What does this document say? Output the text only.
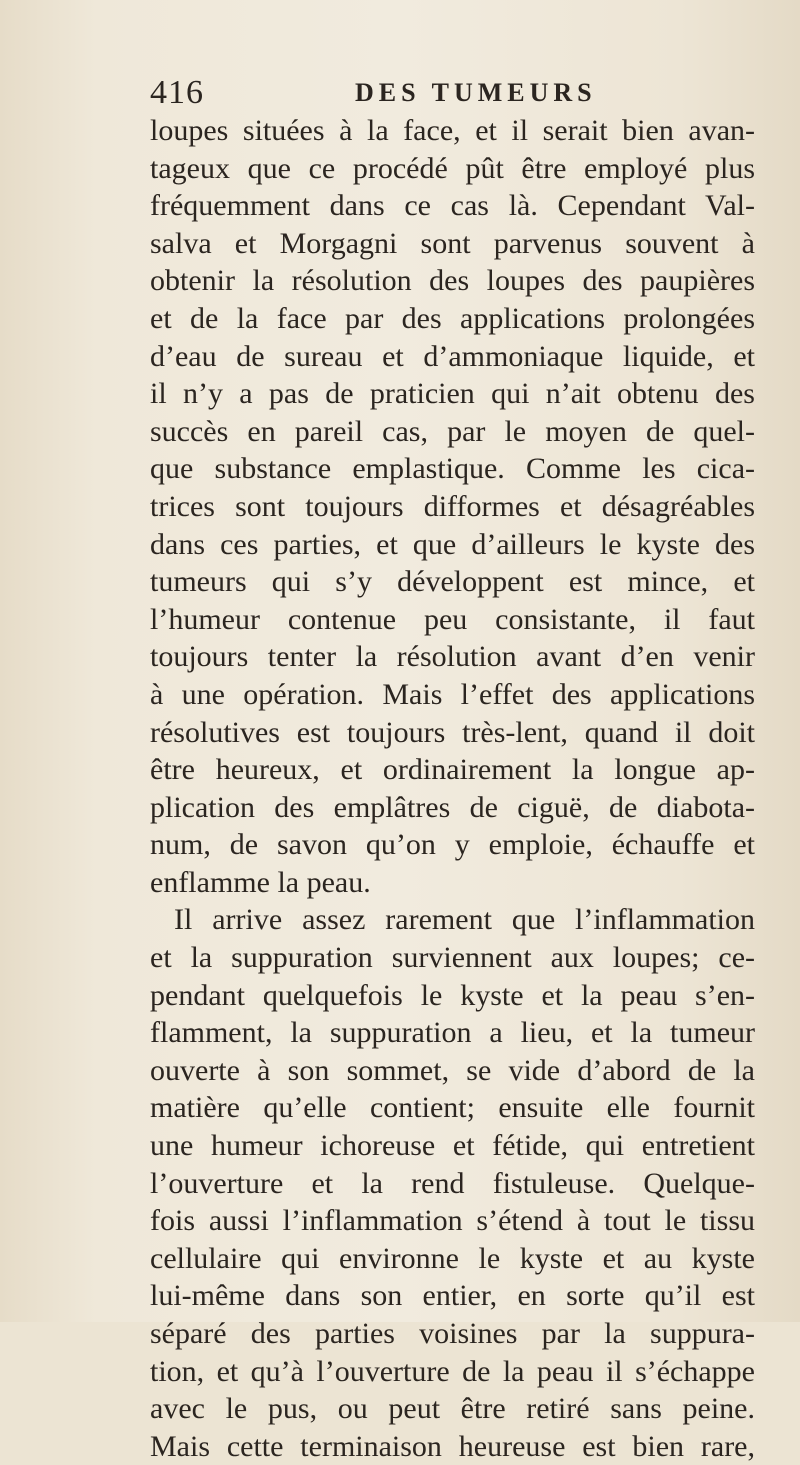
416	DES TUMEURS
loupes situées à la face, et il serait bien avan-
tageux que ce procédé pût être employé plus
fréquemment dans ce cas là. Cependant Val-
salva et Morgagni sont parvenus souvent à
obtenir la résolution des loupes des paupières
et de la face par des applications prolongées
d’eau de sureau et d’ammoniaque liquide, et
il n’y a pas de praticien qui n’ait obtenu des
succès en pareil cas, par le moyen de quel-
que substance emplastique. Comme les cica-
trices sont toujours difformes et désagréables
dans ces parties, et que d’ailleurs le kyste des
tumeurs qui s’y développent est mince, et
l’humeur contenue peu consistante, il faut
toujours tenter la résolution avant d’en venir
à une opération. Mais l’effet des applications
résolutives est toujours très-lent, quand il doit
être heureux, et ordinairement la longue ap-
plication des emplâtres de ciguë, de diabota-
num, de savon qu’on y emploie, échauffe et
enflamme la peau.
Il arrive assez rarement que l’inflammation
et la suppuration surviennent aux loupes; ce-
pendant quelquefois le kyste et la peau s’en-
flamment, la suppuration a lieu, et la tumeur
ouverte à son sommet, se vide d’abord de la
matière qu’elle contient; ensuite elle fournit
une humeur ichoreuse et fétide, qui entretient
l’ouverture et la rend fistuleuse. Quelque-
fois aussi l’inflammation s’étend à tout le tissu
cellulaire qui environne le kyste et au kyste
lui-même dans son entier, en sorte qu’il est
séparé des parties voisines par la suppura-
tion, et qu’à l’ouverture de la peau il s’échappe
avec le pus, ou peut être retiré sans peine.
Mais cette terminaison heureuse est bien rare,
